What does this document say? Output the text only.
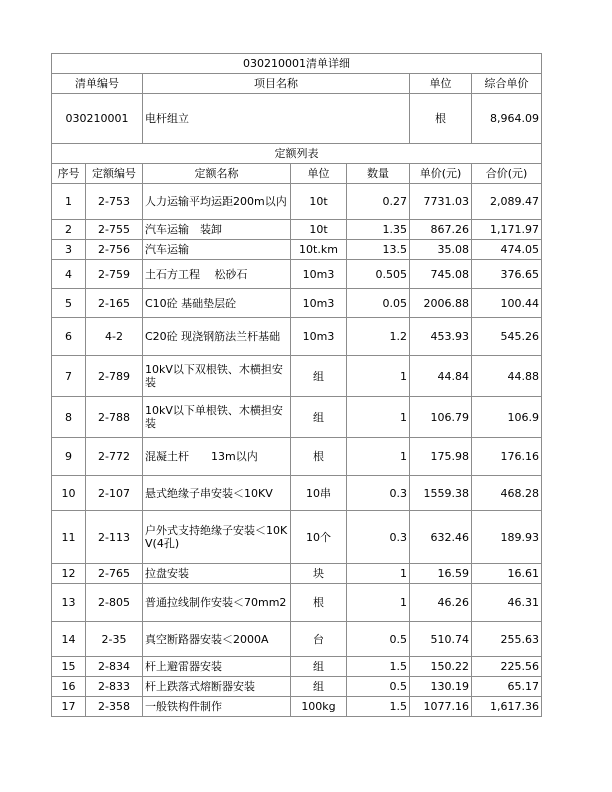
030210001清单详细						
清单编号		项目名称			单位	综合单价
030210001		电杆组立			根	8,964.09
定额列表						
序号	定额编号	定额名称	单位	数量	单价(元)	合价(元)
1	2-753	人力运输平均运距200m以内	10t	0.27	7731.03	2,089.47
2	2-755	汽车运输　装卸	10t	1.35	867.26	1,171.97
3	2-756	汽车运输	10t.km	13.5	35.08	474.05
4	2-759	土石方工程　 松砂石	10m3	0.505	745.08	376.65
5	2-165	C10砼 基础垫层砼	10m3	0.05	2006.88	100.44
6	4-2	C20砼 现浇钢筋法兰杆基础	10m3	1.2	453.93	545.26
7	2-789	10kV以下双根铁、木横担安装	组	1	44.84	44.88
8	2-788	10kV以下单根铁、木横担安装	组	1	106.79	106.9
9	2-772	混凝土杆　　13m以内	根	1	175.98	176.16
10	2-107	悬式绝缘子串安装＜10KV	10串	0.3	1559.38	468.28
11	2-113	户外式支持绝缘子安装＜10KV(4孔)	10个	0.3	632.46	189.93
12	2-765	拉盘安装	块	1	16.59	16.61
13	2-805	普通拉线制作安装＜70mm2	根	1	46.26	46.31
14	2-35	真空断路器安装＜2000A	台	0.5	510.74	255.63
15	2-834	杆上避雷器安装	组	1.5	150.22	225.56
16	2-833	杆上跌落式熔断器安装	组	0.5	130.19	65.17
17	2-358	一般铁构件制作	100kg	1.5	1077.16	1,617.36
